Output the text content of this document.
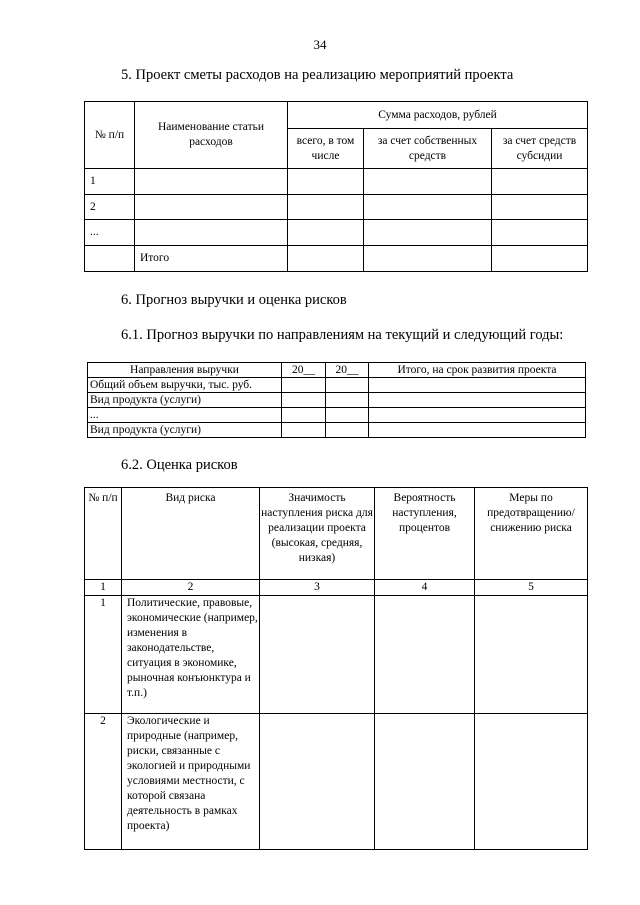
34
5. Проект сметы расходов на реализацию мероприятий проекта
№ п/п	Наименование статьи расходов	Сумма расходов, рублей		
		всего, в том числе	за счет собственных средств	за счет средств субсидии
1				
2				
...				
	Итого			
6. Прогноз выручки и оценка рисков
6.1. Прогноз выручки по направлениям на текущий и следующий годы:
Направления выручки	20__	20__	Итого, на срок развития проекта
Общий объем выручки, тыс. руб.			
Вид продукта (услуги)			
...			
Вид продукта (услуги)			
6.2. Оценка рисков
№ п/п	Вид риска	Значимость наступления риска для реализации проекта (высокая, средняя, низкая)	Вероятность наступления, процентов	Меры по предотвращению/ снижению риска
1	2	3	4	5
1	Политические, правовые, экономические (например, изменения в законодательстве, ситуация в экономике, рыночная конъюнктура и т.п.)			
2	Экологические и природные (например, риски, связанные с экологией и природными условиями местности, с которой связана деятельность в рамках проекта)			
